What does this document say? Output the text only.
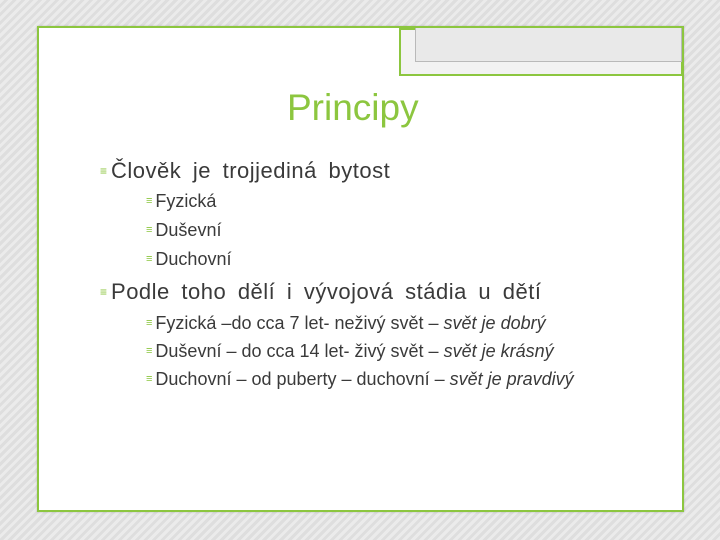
Principy
≡ Člověk je trojjediná bytost
≡ Fyzická
≡ Duševní
≡ Duchovní
≡ Podle toho dělí i vývojová stádia u dětí
≡ Fyzická –do cca 7 let- neživý svět – svět je dobrý
≡ Duševní – do cca 14 let- živý svět – svět je krásný
≡ Duchovní – od puberty – duchovní – svět je pravdivý
